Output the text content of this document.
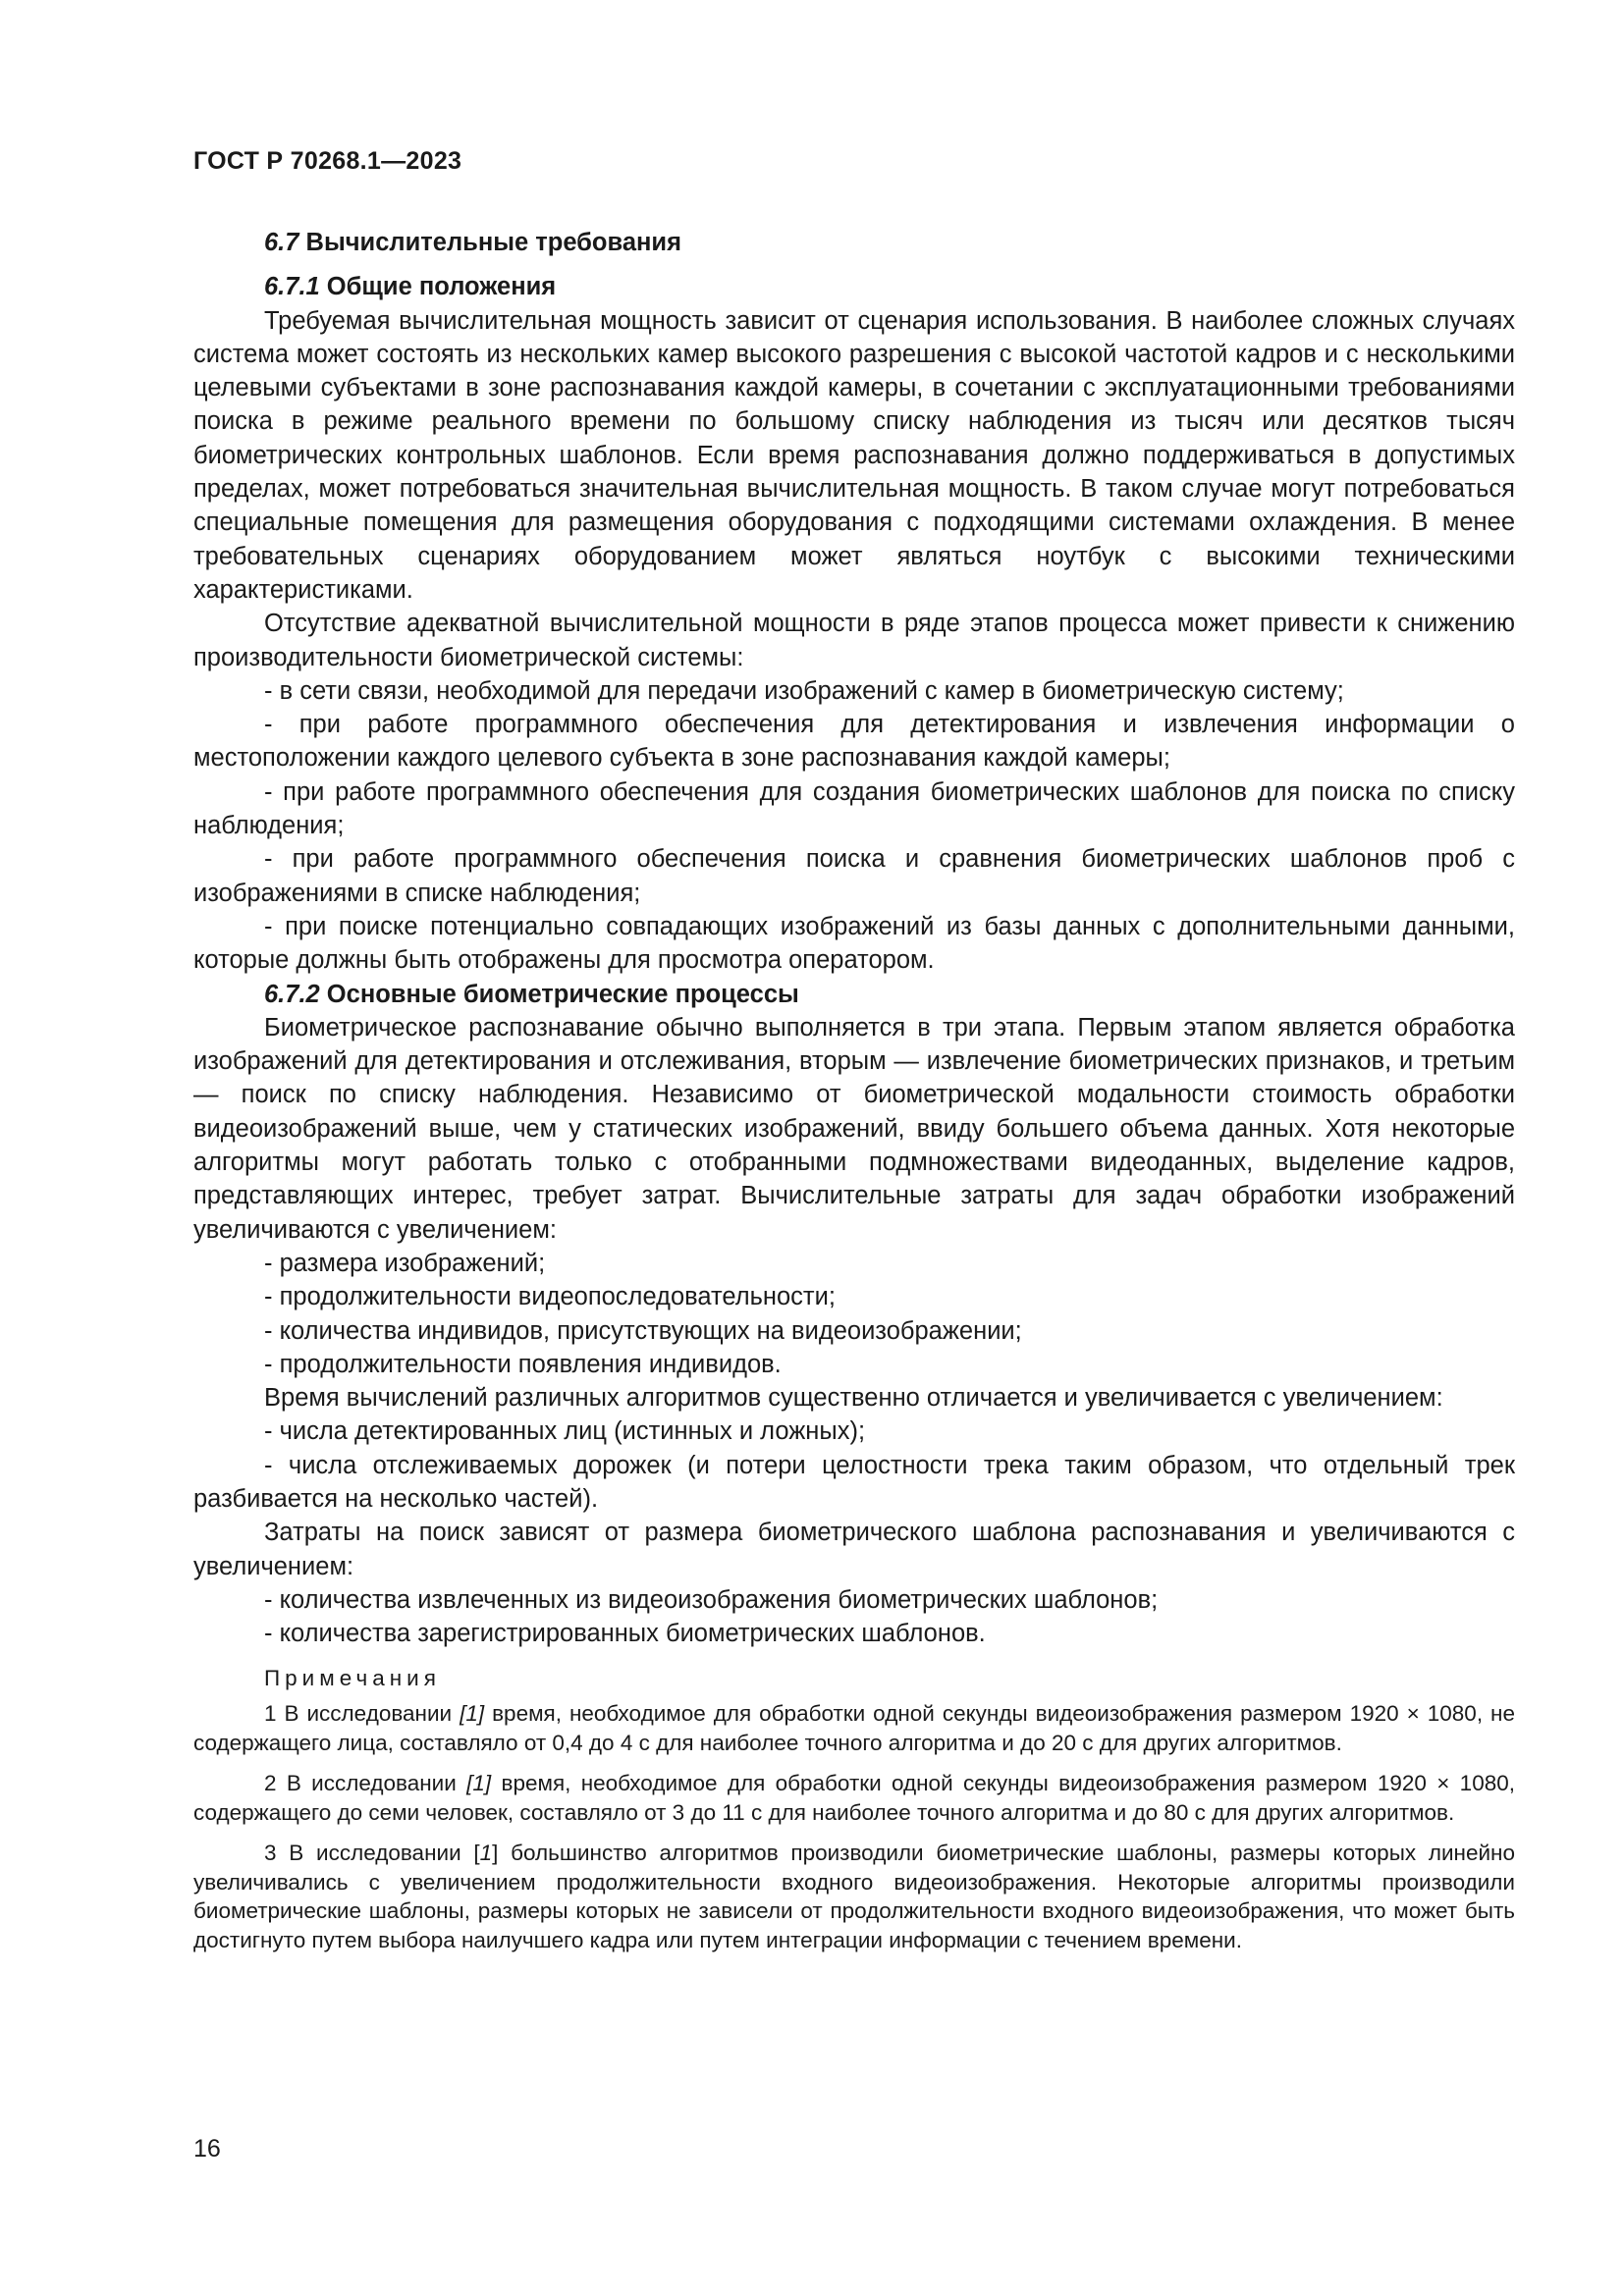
ГОСТ Р 70268.1—2023
6.7 Вычислительные требования
6.7.1 Общие положения

Требуемая вычислительная мощность зависит от сценария использования. В наиболее сложных случаях система может состоять из нескольких камер высокого разрешения с высокой частотой кадров и с несколькими целевыми субъектами в зоне распознавания каждой камеры, в сочетании с эксплуатационными требованиями поиска в режиме реального времени по большому списку наблюдения из тысяч или десятков тысяч биометрических контрольных шаблонов. Если время распознавания должно поддерживаться в допустимых пределах, может потребоваться значительная вычислительная мощность. В таком случае могут потребоваться специальные помещения для размещения оборудования с подходящими системами охлаждения. В менее требовательных сценариях оборудованием может являться ноутбук с высокими техническими характеристиками.

Отсутствие адекватной вычислительной мощности в ряде этапов процесса может привести к снижению производительности биометрической системы:

- в сети связи, необходимой для передачи изображений с камер в биометрическую систему;
- при работе программного обеспечения для детектирования и извлечения информации о местоположении каждого целевого субъекта в зоне распознавания каждой камеры;
- при работе программного обеспечения для создания биометрических шаблонов для поиска по списку наблюдения;
- при работе программного обеспечения поиска и сравнения биометрических шаблонов проб с изображениями в списке наблюдения;
- при поиске потенциально совпадающих изображений из базы данных с дополнительными данными, которые должны быть отображены для просмотра оператором.
6.7.2 Основные биометрические процессы

Биометрическое распознавание обычно выполняется в три этапа. Первым этапом является обработка изображений для детектирования и отслеживания, вторым — извлечение биометрических признаков, и третьим — поиск по списку наблюдения. Независимо от биометрической модальности стоимость обработки видеоизображений выше, чем у статических изображений, ввиду большего объема данных. Хотя некоторые алгоритмы могут работать только с отобранными подмножествами видеоданных, выделение кадров, представляющих интерес, требует затрат. Вычислительные затраты для задач обработки изображений увеличиваются с увеличением:

- размера изображений;
- продолжительности видеопоследовательности;
- количества индивидов, присутствующих на видеоизображении;
- продолжительности появления индивидов.

Время вычислений различных алгоритмов существенно отличается и увеличивается с увеличением:

- числа детектированных лиц (истинных и ложных);
- числа отслеживаемых дорожек (и потери целостности трека таким образом, что отдельный трек разбивается на несколько частей).

Затраты на поиск зависят от размера биометрического шаблона распознавания и увеличиваются с увеличением:

- количества извлеченных из видеоизображения биометрических шаблонов;
- количества зарегистрированных биометрических шаблонов.
Примечания
1 В исследовании [1] время, необходимое для обработки одной секунды видеоизображения размером 1920 × 1080, не содержащего лица, составляло от 0,4 до 4 с для наиболее точного алгоритма и до 20 с для других алгоритмов.
2 В исследовании [1] время, необходимое для обработки одной секунды видеоизображения размером 1920 × 1080, содержащего до семи человек, составляло от 3 до 11 с для наиболее точного алгоритма и до 80 с для других алгоритмов.
3 В исследовании [1] большинство алгоритмов производили биометрические шаблоны, размеры которых линейно увеличивались с увеличением продолжительности входного видеоизображения. Некоторые алгоритмы производили биометрические шаблоны, размеры которых не зависели от продолжительности входного видеоизображения, что может быть достигнуто путем выбора наилучшего кадра или путем интеграции информации с течением времени.
16
